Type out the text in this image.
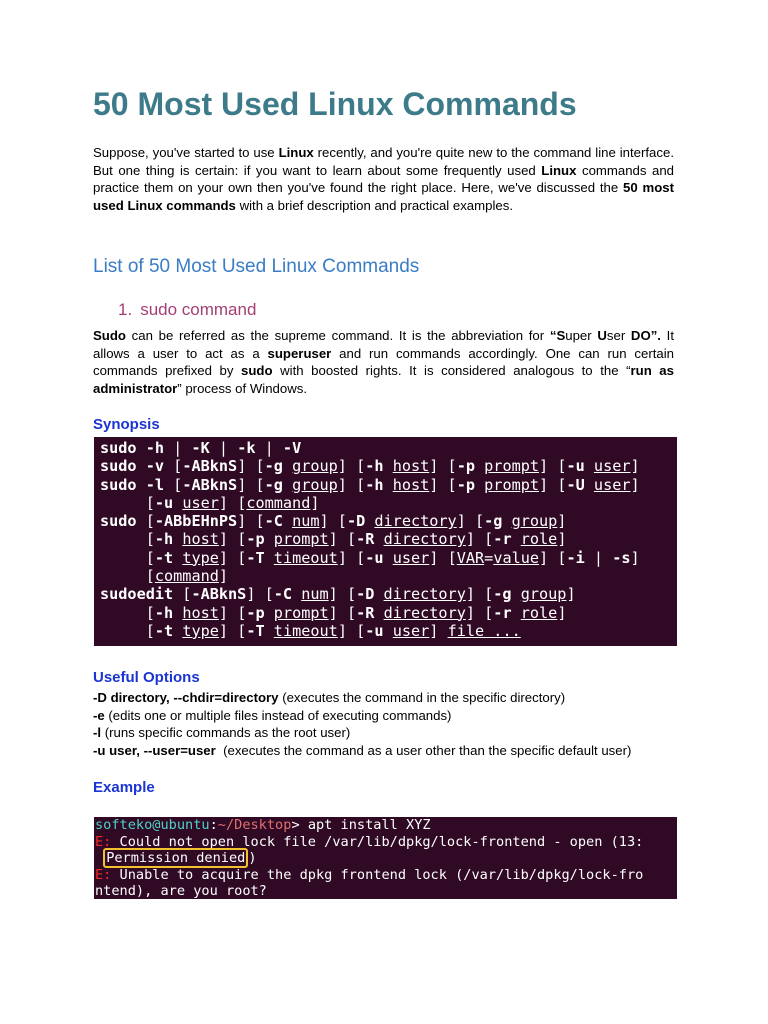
50 Most Used Linux Commands

Suppose, you've started to use Linux recently, and you're quite new to the command line interface. But one thing is certain: if you want to learn about some frequently used Linux commands and practice them on your own then you've found the right place. Here, we've discussed the 50 most used Linux commands with a brief description and practical examples.

List of 50 Most Used Linux Commands
1. sudo command

Sudo can be referred as the supreme command. It is the abbreviation for “Super User DO”. It allows a user to act as a superuser and run commands accordingly. One can run certain commands prefixed by sudo with boosted rights. It is considered analogous to the “run as administrator” process of Windows.

Synopsis
sudo -h | -K | -k | -V
sudo -v [-ABknS] [-g group] [-h host] [-p prompt] [-u user]
sudo -l [-ABknS] [-g group] [-h host] [-p prompt] [-U user]
[-u user] [command]
sudo [-ABbEHnPS] [-C num] [-D directory] [-g group]
[-h host] [-p prompt] [-R directory] [-r role]
[-t type] [-T timeout] [-u user] [VAR=value] [-i | -s]
[command]
sudoedit [-ABknS] [-C num] [-D directory] [-g group]
[-h host] [-p prompt] [-R directory] [-r role]
[-t type] [-T timeout] [-u user] file ...
Useful Options

-D directory, --chdir=directory (executes the command in the specific directory)

-e (edits one or multiple files instead of executing commands)

-l (runs specific commands as the root user)

-u user, --user=user  (executes the command as a user other than the specific default user)

Example
softeko@ubuntu:~/Desktop> apt install XYZ
E: Could not open lock file /var/lib/dpkg/lock-frontend - open (13:
Permission denied )
E: Unable to acquire the dpkg frontend lock (/var/lib/dpkg/lock-fro
ntend), are you root?
